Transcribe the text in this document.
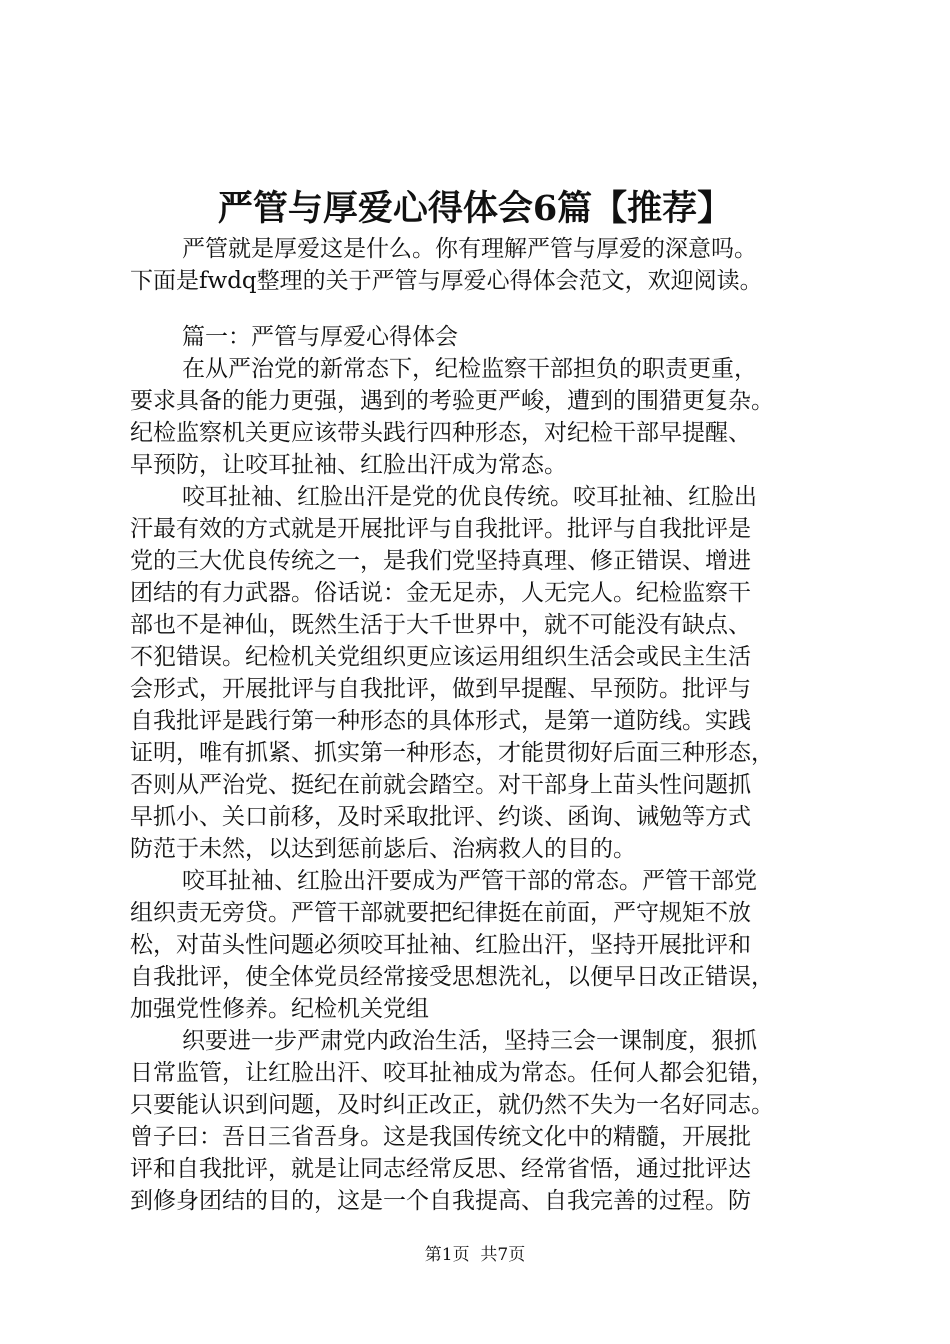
严管与厚爱心得体会6篇【推荐】
严管就是厚爱这是什么。你有理解严管与厚爱的深意吗。
下面是fwdq整理的关于严管与厚爱心得体会范文，欢迎阅读。
篇一：严管与厚爱心得体会
在从严治党的新常态下，纪检监察干部担负的职责更重，
要求具备的能力更强，遇到的考验更严峻，遭到的围猎更复杂。
纪检监察机关更应该带头践行四种形态，对纪检干部早提醒、
早预防，让咬耳扯袖、红脸出汗成为常态。
咬耳扯袖、红脸出汗是党的优良传统。咬耳扯袖、红脸出
汗最有效的方式就是开展批评与自我批评。批评与自我批评是
党的三大优良传统之一，是我们党坚持真理、修正错误、增进
团结的有力武器。俗话说：金无足赤，人无完人。纪检监察干
部也不是神仙，既然生活于大千世界中，就不可能没有缺点、
不犯错误。纪检机关党组织更应该运用组织生活会或民主生活
会形式，开展批评与自我批评，做到早提醒、早预防。批评与
自我批评是践行第一种形态的具体形式，是第一道防线。实践
证明，唯有抓紧、抓实第一种形态，才能贯彻好后面三种形态，
否则从严治党、挺纪在前就会踏空。对干部身上苗头性问题抓
早抓小、关口前移，及时采取批评、约谈、函询、诫勉等方式
防范于未然，以达到惩前毖后、治病救人的目的。
咬耳扯袖、红脸出汗要成为严管干部的常态。严管干部党
组织责无旁贷。严管干部就要把纪律挺在前面，严守规矩不放
松，对苗头性问题必须咬耳扯袖、红脸出汗，坚持开展批评和
自我批评，使全体党员经常接受思想洗礼，以便早日改正错误，
加强党性修养。纪检机关党组
织要进一步严肃党内政治生活，坚持三会一课制度，狠抓
日常监管，让红脸出汗、咬耳扯袖成为常态。任何人都会犯错，
只要能认识到问题，及时纠正改正，就仍然不失为一名好同志。
曾子曰：吾日三省吾身。这是我国传统文化中的精髓，开展批
评和自我批评，就是让同志经常反思、经常省悟，通过批评达
到修身团结的目的，这是一个自我提高、自我完善的过程。防
第1页  共7页
